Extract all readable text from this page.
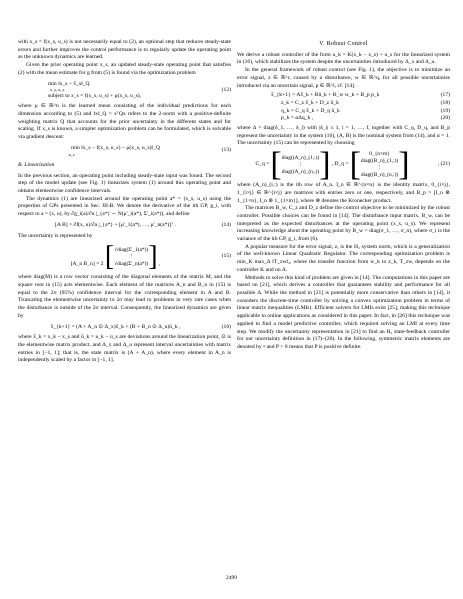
with x_s = f(x_s, u_s) is not necessarily equal to (2), an optional step that reduces steady-state errors and further improves the control performance is to regularly update the operating point as the unknown dynamics are learned.

Given the prior operating point x_s, an updated steady-state operating point that satisfies (2) with the mean estimate for g from (5) is found via the optimization problem

min ‖x_s − x̂_s‖_Q
x_s, u_s
subject to x_s = f(x_s, u_s) + μ(x_s, u_s),
(12)

where μ ∈ ℝ^n is the learned mean consisting of the individual predictions for each dimension according to (5) and ‖x‖_Q = xᵀQx refers to the 2-norm with a positive-definite weighting matrix Q that accounts for the prior uncertainty in the different states and for scaling. If x_s is known, a simpler optimization problem can be formulated, which is solvable via gradient descent:

min ‖x_s − f(x_s, u_s) − μ(x_s, u_s)‖_Q
u_s
(13)
B. Linearization

In the previous section, an operating point including steady-state input was found. The second step of the model update (see Fig. 1) linearizes system (1) around this operating point and obtains elementwise confidence intervals.

The dynamics (1) are linearized around the operating point a* = (x_s, u_s) using the properties of GPs presented in Sec. III-B. We denote the derivative of the ith GP, g_i, with respect to a = (x, u), by ∂g_i(a)/∂a |_{a*} ∼ N(μ'_i(a*), Σ'_i(a*)), and define

[A B] = ∂f(x, u)/∂a |_{a*} + [μ'_1(a*), …, μ'_n(a*)]ᵀ .	(14)

The uncertainty is represented by

[A_n B_n] = 2 [ √diag(Σ'_1(a*))
⋮
√diag(Σ'_n(a*)) ] ,
(15)

where diag(M) is a row vector consisting of the diagonal elements of the matrix M, and the square root in (15) acts elementwise. Each element of the matrices A_n and B_n in (15) is equal to the 2σ (95%) confidence interval for the corresponding element in A and B. Truncating the elementwise uncertainty to 2σ may lead to problems in very rare cases when the disturbance is outside of the 2σ interval. Consequently, the linearized dynamics are given by

x̃_{k+1} = (A + A_n ⊙ Δ_x)x̃_k + (B + B_n ⊙ Δ_u)ũ_k ,	(16)

where x̃_k = x_k − x_s and ũ_k = u_k − u_s are deviations around the linearization point, ⊙ is the elementwise matrix product, and Δ_x and Δ_u represent interval uncertainties with matrix entries in [−1, 1]; that is, the state matrix is (A + A_n), where every element in A_n is independently scaled by a factor in [−1, 1].

V. Robust Control

We derive a robust controller of the form u_k = K(x_k − x_s) + u_s for the linearized system in (16), which stabilizes the system despite the uncertainties introduced by Δ_x and Δ_u.

In the general framework of robust control (see Fig. 1), the objective is to minimize an error signal, z ∈ ℝ^r, caused by a disturbance, w ∈ ℝ^q, for all possible uncertainties introduced via an uncertain signal, p ∈ ℝ^l, cf. [14].

x̃_{k+1} = Ax̃_k + Bũ_k + B_w w_k + B_p p_k
z_k = C_z x̃_k + D_z ũ_k
q_k = C_q x̃_k + D_q ũ_k
p_k = αΔq_k ,
(17)
(18)
(19)
(20)

where Δ = diag(δ_1, …, δ_l) with |δ_i| ≤ 1, i = 1, …, f, together with C_q, D_q, and B_p represent the uncertainty in the system (16), (A, B) is the nominal system from (14), and α = 1. The uncertainty (15) can be represented by choosing

C_q = [ diag((A_n)_(1,:))
⋮
diag((A_n)_(n,:)) ] , D_q = [ 0_{n×m}
diag((B_n)_(1,:))
⋮
diag((B_n)_(n,:)) ]	, (21)

where (A_n)_(i,:) is the ith row of A_n, I_n ∈ ℝ^{n×n} is the identity matrix, 0_{i×j}, 1_{i×j} ∈ ℝ^{i×j} are matrices with entries zero or one, respectively, and B_p = [I_n ⊗ 1_{1×n}, I_n ⊗ 1_{1×m}], where ⊗ denotes the Kronecker product.

The matrices B_w, C_z and D_z define the control objective to be minimized by the robust controller. Possible choices can be found in [14]. The disturbance input matrix, B_w, can be interpreted as the expected disturbances at the operating point (x_s, u_s). We represent increasing knowledge about the operating point by B_w = diag(σ_1, …, σ_n), where σ_i is the variance of the ith GP, g_i, from (6).

A popular measure for the error signal, z, is the H₂ system norm, which is a generalization of the well-known Linear Quadratic Regulator. The corresponding optimization problem is min_K max_Δ ‖T_zw‖₂, where the transfer function from w_k to z_k, T_zw, depends on the controller K and on Δ.

Methods to solve this kind of problem are given in [14]. The computations in this paper are based on [21], which derives a controller that guarantees stability and performance for all possible Δ. While the method in [21] is potentially more conservative than others in [14], it considers the discrete-time controller by solving a convex optimization problem in terms of linear matrix inequalities (LMIs). Efficient solvers for LMIs exist [25], making this technique applicable to online applications as considered in this paper. In fact, in [26] this technique was applied to find a model predictive controller, which required solving an LMI at every time step. We modify the uncertainty representation in [21] to find an H₂ state-feedback controller for our uncertainty definition in (17)–(20). In the following, symmetric matrix elements are denoted by • and P > 0 means that P is positive definite.

2499
